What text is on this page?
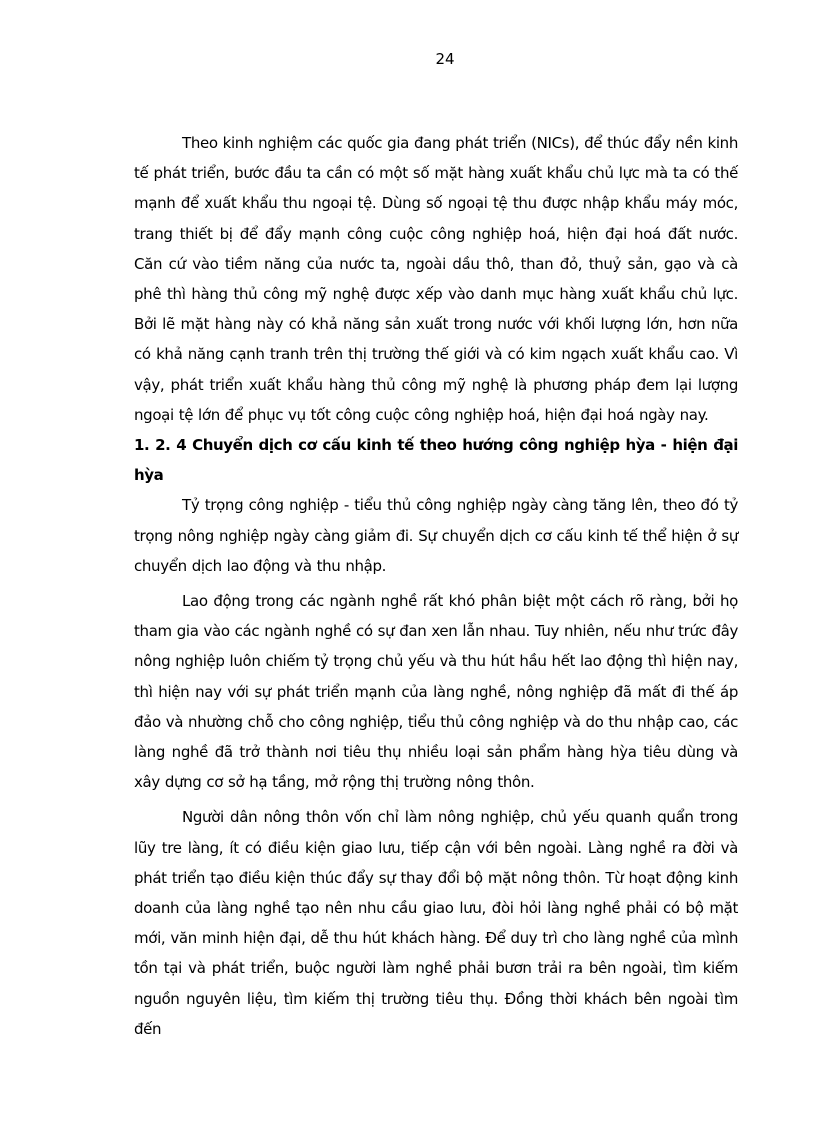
24

Theo kinh nghiệm các quốc gia đang phát triển (NICs), để thúc đẩy nền kinh tế phát triển, bước đầu ta cần có một số mặt hàng xuất khẩu chủ lực mà ta có thế mạnh để xuất khẩu thu ngoại tệ. Dùng số ngoại tệ thu được nhập khẩu máy móc, trang thiết bị để đẩy mạnh công cuộc công nghiệp hoá, hiện đại hoá đất nước. Căn cứ vào tiềm năng của nước ta, ngoài dầu thô, than đỏ, thuỷ sản, gạo và cà phê thì hàng thủ công mỹ nghệ được xếp vào danh mục hàng xuất khẩu chủ lực. Bởi lẽ mặt hàng này có khả năng sản xuất trong nước với khối lượng lớn, hơn nữa có khả năng cạnh tranh trên thị trường thế giới và có kim ngạch xuất khẩu cao. Vì vậy, phát triển xuất khẩu hàng thủ công mỹ nghệ là phương pháp đem lại lượng ngoại tệ lớn để phục vụ tốt công cuộc công nghiệp hoá, hiện đại hoá ngày nay.

1. 2. 4 Chuyển dịch cơ cấu kinh tế theo hướng công nghiệp hỳa - hiện đại hỳa

Tỷ trọng công nghiệp - tiểu thủ công nghiệp ngày càng tăng lên, theo đó tỷ trọng nông nghiệp ngày càng giảm đi. Sự chuyển dịch cơ cấu kinh tế thể hiện ở sự chuyển dịch lao động và thu nhập.

Lao động trong các ngành nghề rất khó phân biệt một cách rõ ràng, bởi họ tham gia vào các ngành nghề có sự đan xen lẫn nhau. Tuy nhiên, nếu như trức đây nông nghiệp luôn chiếm tỷ trọng chủ yếu và thu hút hầu hết lao động thì hiện nay, thì hiện nay với sự phát triển mạnh của làng nghề, nông nghiệp đã mất đi thế áp đảo và nhường chỗ cho công nghiệp, tiểu thủ công nghiệp và do thu nhập cao, các làng nghề đã trở thành nơi tiêu thụ nhiều loại sản phẩm hàng hỳa tiêu dùng và xây dựng cơ sở hạ tầng, mở rộng thị trường nông thôn.

Người dân nông thôn vốn chỉ làm nông nghiệp, chủ yếu quanh quẩn trong lũy tre làng, ít có điều kiện giao lưu, tiếp cận với bên ngoài. Làng nghề ra đời và phát triển tạo điều kiện thúc đẩy sự thay đổi bộ mặt nông thôn. Từ hoạt động kinh doanh của làng nghề tạo nên nhu cầu giao lưu, đòi hỏi làng nghề phải có bộ mặt mới, văn minh hiện đại, dễ thu hút khách hàng. Để duy trì cho làng nghề của mình tồn tại và phát triển, buộc người làm nghề phải bươn trải ra bên ngoài, tìm kiếm nguồn nguyên liệu, tìm kiếm thị trường tiêu thụ. Đồng thời khách bên ngoài tìm đến
